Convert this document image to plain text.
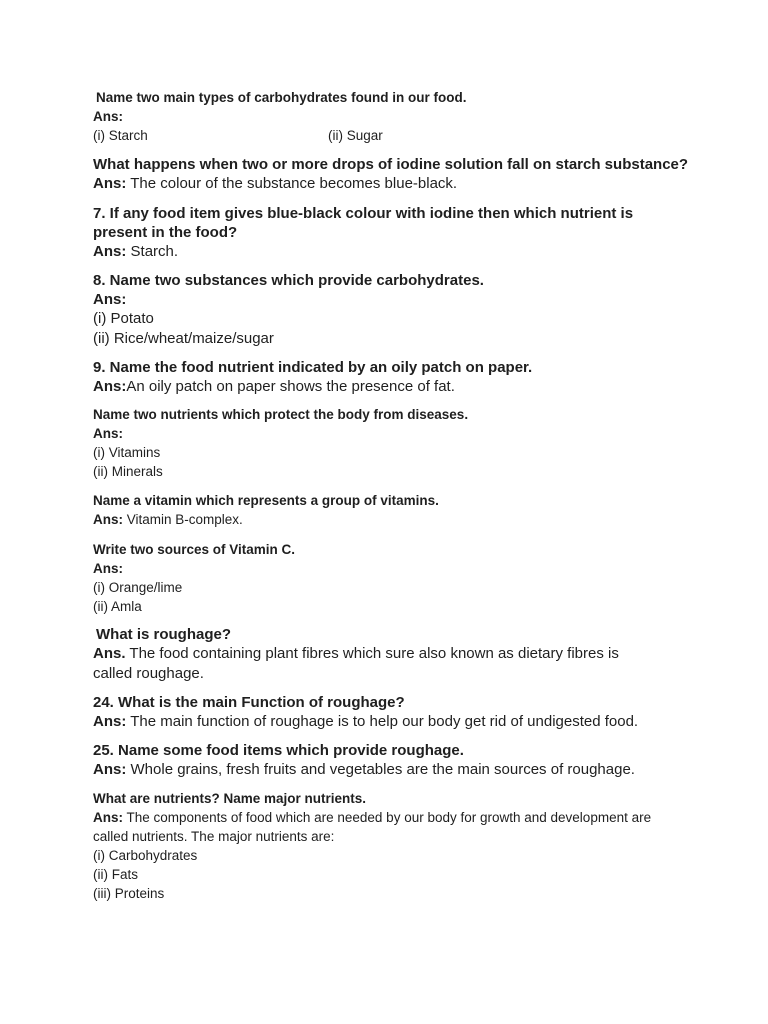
Name two main types of carbohydrates found in our food.
Ans:
(i) Starch	(ii) Sugar
What happens when two or more drops of iodine solution fall on starch substance?
Ans: The colour of the substance becomes blue-black.
7. If any food item gives blue-black colour with iodine then which nutrient is present in the food?
Ans: Starch.
8. Name two substances which provide carbohydrates.
Ans:
(i) Potato
(ii) Rice/wheat/maize/sugar
9. Name the food nutrient indicated by an oily patch on paper.
Ans:An oily patch on paper shows the presence of fat.
Name two nutrients which protect the body from diseases.
Ans:
(i) Vitamins
(ii) Minerals
Name a vitamin which represents a group of vitamins.
Ans: Vitamin B-complex.
Write two sources of Vitamin C.
Ans:
(i) Orange/lime
(ii) Amla
What is roughage?
Ans. The food containing plant fibres which sure also known as dietary fibres is called roughage.
24. What is the main Function of roughage?
Ans: The main function of roughage is to help our body get rid of undigested food.
25. Name some food items which provide roughage.
Ans: Whole grains, fresh fruits and vegetables are the main sources of roughage.
What are nutrients? Name major nutrients.
Ans: The components of food which are needed by our body for growth and development are called nutrients. The major nutrients are:
(i) Carbohydrates
(ii) Fats
(iii) Proteins
